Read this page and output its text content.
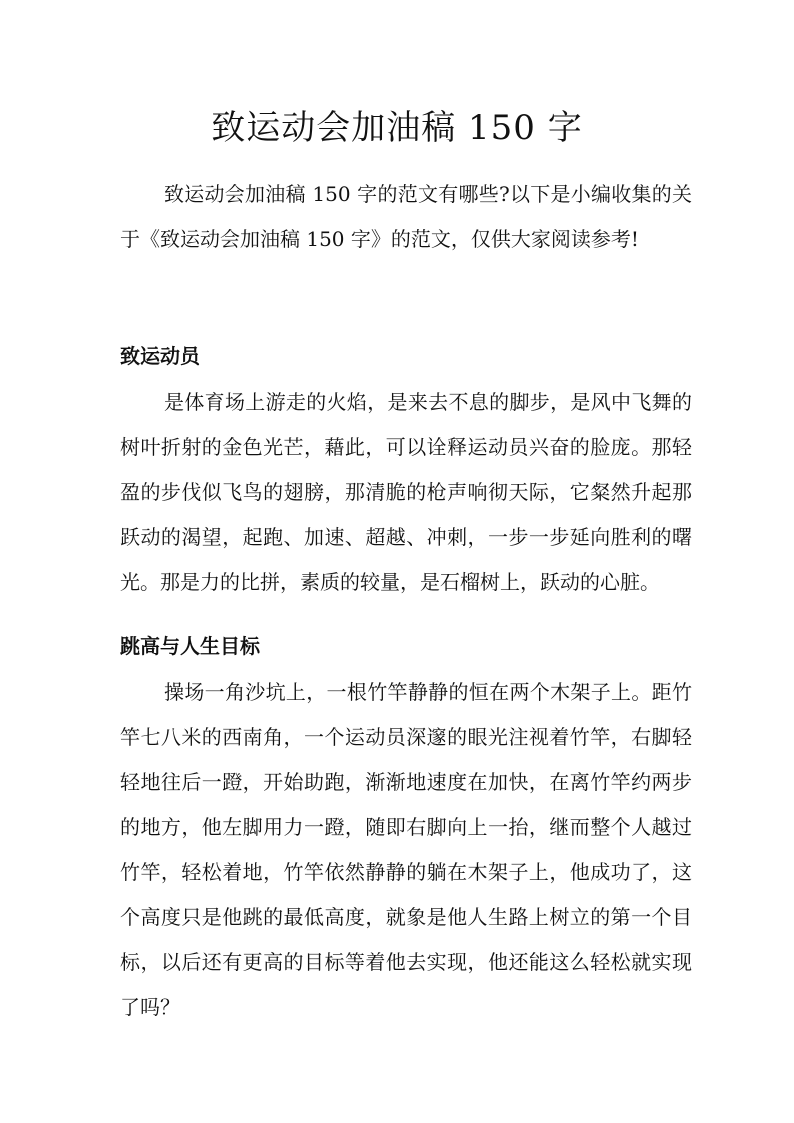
致运动会加油稿 150 字

致运动会加油稿 150 字的范文有哪些?以下是小编收集的关于《致运动会加油稿 150 字》的范文，仅供大家阅读参考!

致运动员

是体育场上游走的火焰，是来去不息的脚步，是风中飞舞的树叶折射的金色光芒，藉此，可以诠释运动员兴奋的脸庞。那轻盈的步伐似飞鸟的翅膀，那清脆的枪声响彻天际，它粲然升起那跃动的渴望，起跑、加速、超越、冲刺，一步一步延向胜利的曙光。那是力的比拼，素质的较量，是石榴树上，跃动的心脏。

跳高与人生目标

操场一角沙坑上，一根竹竿静静的恒在两个木架子上。距竹竿七八米的西南角，一个运动员深邃的眼光注视着竹竿，右脚轻轻地往后一蹬，开始助跑，渐渐地速度在加快，在离竹竿约两步的地方，他左脚用力一蹬，随即右脚向上一抬，继而整个人越过竹竿，轻松着地，竹竿依然静静的躺在木架子上，他成功了，这个高度只是他跳的最低高度，就象是他人生路上树立的第一个目标，以后还有更高的目标等着他去实现，他还能这么轻松就实现了吗？
